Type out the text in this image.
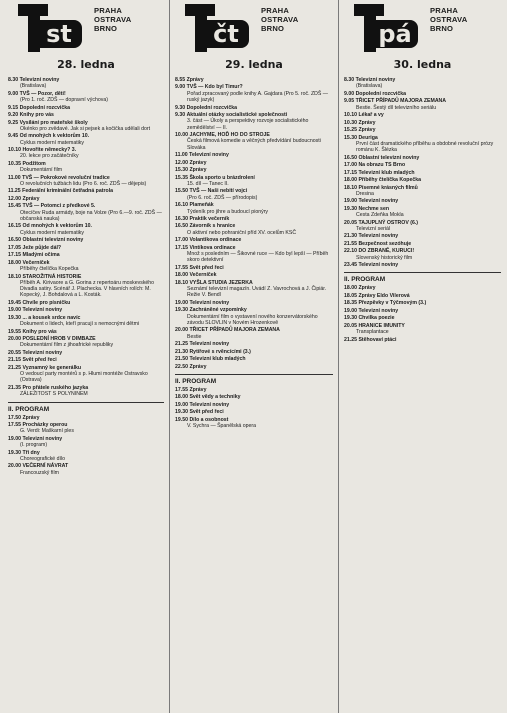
st
PRAHA
OSTRAVA
BRNO
28. ledna
8.30 Televizní noviny
(Bratislava)
9.00 TVŠ — Pozor, děti!
(Pro 1. roč. ZDŠ — dopravní výchova)
9.15 Dopolední rozcvička
9.20 Knihy pro vás
9.25 Vysílání pro mateřské školy
Okénko pro zvědavé. Jak si pejsek a kočička udělali dort
9.45 Od mnohých k vektorům 10.
Cyklus moderní matematiky
10.10 Hovořite německy? 3.
20. lekce pro začátečníky
10.35 Podžitom
Dokumentární film
11.00 TVŠ — Pokrokové revoluční tradice
O revolučních tužbách lidu (Pro 6. roč. ZDŠ — dějepis)
11.25 Federální kriminální četřadná patrola
12.00 Zprávy
15.45 TVŠ — Potomci z předkové 5.
Otecíčev Ruda armády, boje na Volze (Pro 6.—9. roč. ZDŠ — občanská nauka)
16.15 Od mnohých k vektorům 10.
Cyklus moderní matematiky
16.50 Oblastní televizní noviny
17.05 Ježe půjde dál?
17.15 Mladými očima
18.00 Večerníček
Příběhy čtelíčka Kopečka
18.10 STAROŽITNÁ HISTORIE
Příběh A. Kirivaore a G. Gorina z repertoáru moskevského Divadla satiry. Scénář J. Plachecka. V hlavních rolích: M. Kopecký, J. Bohdalová a L. Kosták.
19.45 Chvíle pro písničku
19.00 Televizní noviny
19.30 ... a kousek srdce navíc
Dokument o lidech, kteří pracují s nemocnými dětmi
19.55 Knihy pro vás
20.00 POSLEDNÍ HROB V DIMBAZE
Dokumentární film z jihoafrické republiky
20.55 Televizní noviny
21.15 Svět před řeci
21.25 Vyznamný ke generálku
O vedoucí party montérů s p. Hlumi montéže Ostravsko (Ostrava)
21.35 Pro přátele ruského jazyka
ZÁLEŽITOST S POLYNINEM
II. PROGRAM
17.50 Zprávy
17.55 Procházky operou
G. Verdi: Maškarní ples
19.00 Televizní noviny
(I. program)
19.30 Tři dny
Choreografické dílo
20.00 VEČERNÍ NÁVRAT
Francouzský film
čt
PRAHA
OSTRAVA
BRNO
29. ledna
8.55 Zprávy
9.00 TVŠ — Kdo byl Timur?
Pořad zpracovaný podle knihy A. Gajdara (Pro 5. roč. ZDŠ — ruský jazyk)
9.30 Dopolední rozcvička
9.30 Aktuální otázky socialistické společnosti
3. část — Úkoly a perspektivy rozvoje socialistického zemědělství — II.
10.00 JACHYME, HOĎ HO DO STROJE
Česká filmová komedie a věčných předvídání budoucnosti Slováka
11.00 Televizní noviny
12.00 Zprávy
15.30 Zprávy
15.35 Škola sporto u brázdrolení
15. díl — Tanec II.
15.50 TVŠ — Naši nebití vojci
(Pro 6. roč. ZDŠ — přírodopis)
16.10 Plameňák
Týdeník pro jihre a budoucí pionýry
16.30 Praktik večerník
16.50 Závorník s hranice
O aktivní nebo pohraniční příd XV. ocelům KSČ
17.00 Volantikova ordinace
17.15 Vintíkova ordinace
Množ s posledním — Šikovné ruce — Kdo byl lepší — Příběh skoro detektivní
17.55 Svět před řeci
18.00 Večerníček
18.10 VYŠLA STUDIA JEZERKA
Seznámí televizní magazín. Uvádí Z. Vavrochová a J. Čipiár. Režie V. Bendl
19.00 Televizní noviny
19.30 Zachráněné vzpomínky
Dokumentární film o vystavení nového konzervátorského závodu SLOVLIN v Novém Hrozenkově
20.00 TŘICET PŘÍPADŮ MAJORA ZEMANA
Bestie
21.25 Televizní noviny
21.30 Rytířové s rvěncícími (3.)
21.50 Televizní klub mladých
22.50 Zprávy
II. PROGRAM
17.55 Zprávy
18.00 Svět vědy a techniky
19.00 Televizní noviny
19.30 Svět před řeci
19.50 Dílo a osobnost
V. Sychra — Španělská opera
pá
PRAHA
OSTRAVA
BRNO
30. ledna
8.30 Televizní noviny
(Bratislava)
9.00 Dopolední rozcvička
9.05 TŘICET PŘÍPADŮ MAJORA ZEMANA
Bestie. Šestý díl televizního seriálu
10.10 Lékař a vy
10.30 Zprávy
15.25 Zprávy
15.30 Deuriga
První část dramatického příběhu a obdobné revoluční prózy románu K. Šlézka
16.50 Oblastní televizní noviny
17.00 Na obrazu TS Brno
17.15 Televizní klub mladých
18.00 Příběhy čtelíčka Kopečka
18.10 Písemné krásných filmů
Dresina
19.00 Televizní noviny
19.30 Nechme sen
Cesta Zdeňka Mokla
20.05 TAJUPLNÝ OSTROV (6.)
Televizní seriál
21.30 Televizní noviny
21.55 Bezpečnost sezóhuje
22.10 DO ZBRANĚ, KURUCI!
Slovenský historický film
23.45 Televizní noviny
II. PROGRAM
18.00 Zprávy
18.05 Zprávy Eldo Vilerová
18.35 Přezpěvky v Týčmovým (3.)
19.00 Televizní noviny
19.30 Chvilka poezie
20.05 HRANICE IMUNITY
Transplantace
21.25 Stěhovaví ptáci
